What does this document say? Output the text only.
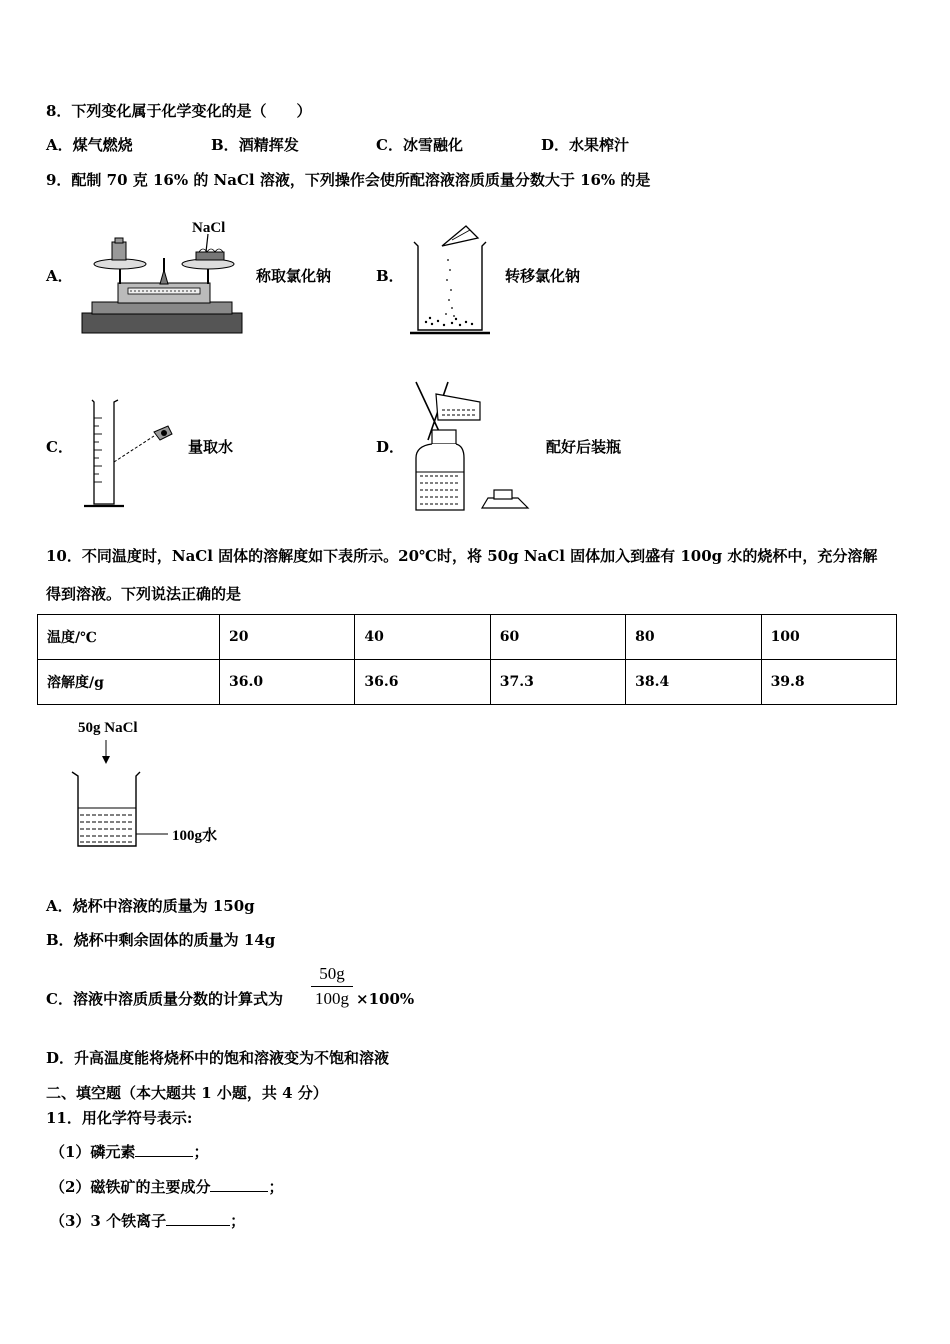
8．下列变化属于化学变化的是（　　）
A．煤气燃烧	B．酒精挥发	C．冰雪融化	D．水果榨汁
9．配制 70 克 16% 的 NaCl 溶液，下列操作会使所配溶液溶质质量分数大于 16% 的是
A．
NaCl
称取氯化钠	B．	转移氯化钠
C．	量取水	D．	配好后装瓶
10．不同温度时，NaCl 固体的溶解度如下表所示。20℃时，将 50g NaCl 固体加入到盛有 100g 水的烧杯中，充分溶解
得到溶液。下列说法正确的是
温度/℃	20	40	60	80	100
溶解度/g	36.0	36.6	37.3	38.4	39.8
50g NaCl
100g水
A．烧杯中溶液的质量为 150g
B．烧杯中剩余固体的质量为 14g
C．溶液中溶质质量分数的计算式为
50g
100g ×100%
D．升高温度能将烧杯中的饱和溶液变为不饱和溶液
二、填空题（本大题共 1 小题，共 4 分）
11．用化学符号表示:
（1）磷元素	；
（2）磁铁矿的主要成分	；
（3）3 个铁离子	；
